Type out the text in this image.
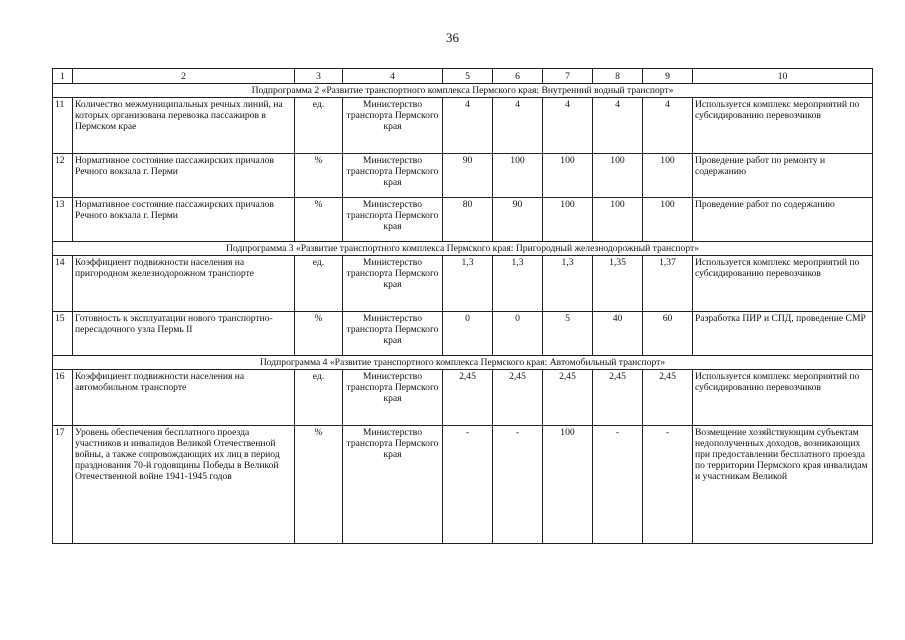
36
1	2	3	4	5	6	7	8	9	10
Подпрограмма 2 «Развитие транспортного комплекса Пермского края: Внутренний водный транспорт»									
11	Количество межмуниципальных речных линий, на которых организована перевозка пассажиров в Пермском крае	ед.	Министерство транспорта Пермского края	4	4	4	4	4	Используется комплекс мероприятий по субсидированию перевозчиков
12	Нормативное состояние пассажирских причалов Речного вокзала г. Перми	%	Министерство транспорта Пермского края	90	100	100	100	100	Проведение работ по ремонту и содержанию
13	Нормативное состояние пассажирских причалов Речного вокзала г. Перми	%	Министерство транспорта Пермского края	80	90	100	100	100	Проведение работ по содержанию
Подпрограмма 3 «Развитие транспортного комплекса Пермского края: Пригородный железнодорожный транспорт»									
14	Коэффициент подвижности населения на пригородном железнодорожном транспорте	ед.	Министерство транспорта Пермского края	1,3	1,3	1,3	1,35	1,37	Используется комплекс мероприятий по субсидированию перевозчиков
15	Готовность к эксплуатации нового транспортно-пересадочного узла Пермь II	%	Министерство транспорта Пермского края	0	0	5	40	60	Разработка ПИР и СПД, проведение СМР
Подпрограмма 4 «Развитие транспортного комплекса Пермского края: Автомобильный транспорт»									
16	Коэффициент подвижности населения на автомобильном транспорте	ед.	Министерство транспорта Пермского края	2,45	2,45	2,45	2,45	2,45	Используется комплекс мероприятий по субсидированию перевозчиков
17	Уровень обеспечения бесплатного проезда участников и инвалидов Великой Отечественной войны, а также сопровождающих их лиц в период празднования 70-й годовщины Победы в Великой Отечественной войне 1941-1945 годов	%	Министерство транспорта Пермского края	-	-	100	-	-	Возмещение хозяйствующим субъектам недополученных доходов, возникающих при предоставлении бесплатного проезда по территории Пермского края инвалидам и участникам Великой
